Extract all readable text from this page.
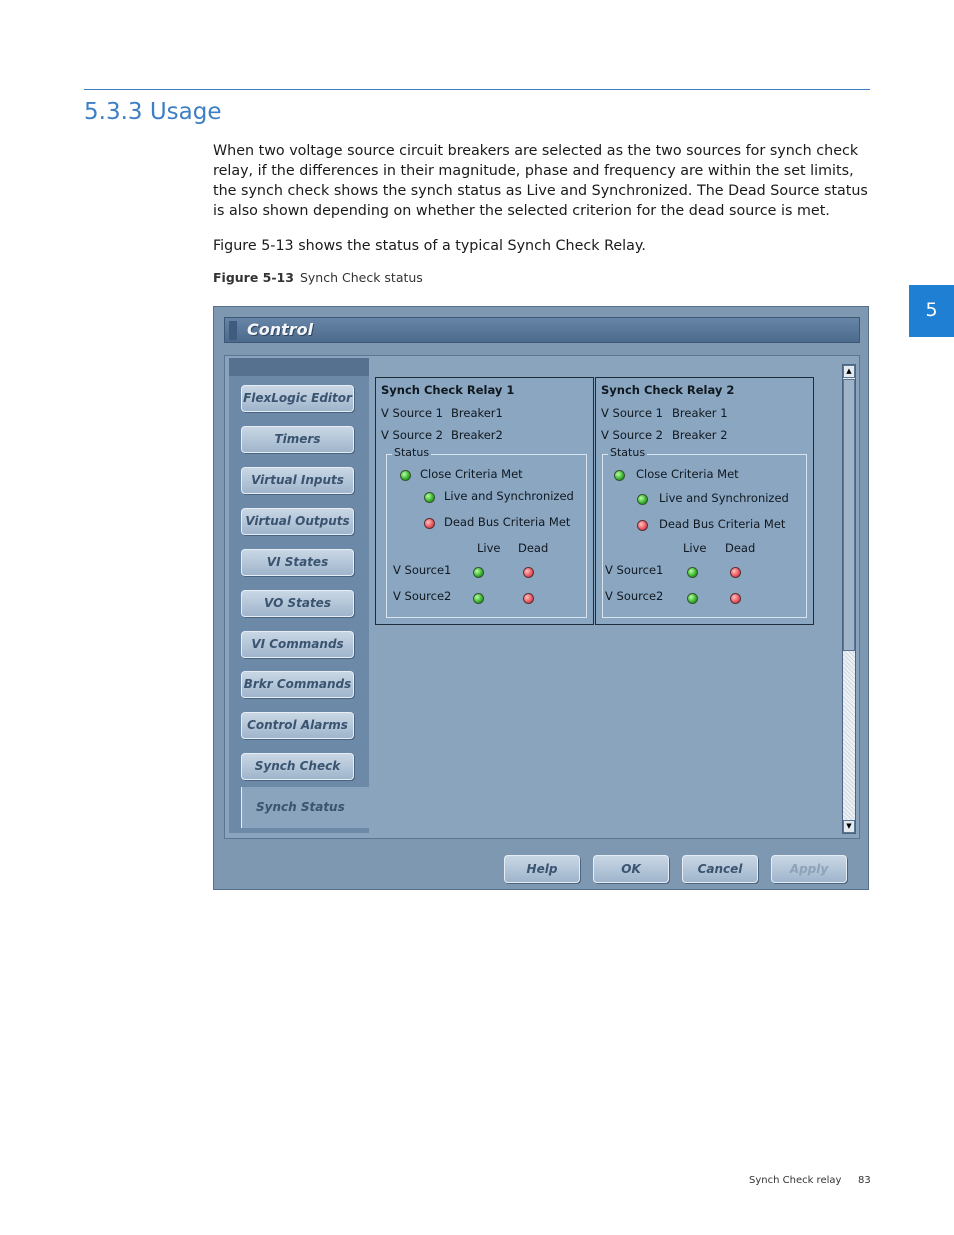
5.3.3 Usage

When two voltage source circuit breakers are selected as the two sources for synch check relay, if the differences in their magnitude, phase and frequency are within the set limits, the synch check shows the synch status as Live and Synchronized. The Dead Source status is also shown depending on whether the selected criterion for the dead source is met.

Figure 5-13 shows the status of a typical Synch Check Relay.

Figure 5-13 Synch Check status
5
Control
FlexLogic Editor
Timers
Virtual Inputs
Virtual Outputs
VI States
VO States
VI Commands
Brkr Commands
Control Alarms
Synch Check
Synch Status
Synch Check Relay 1
V Source 1 Breaker1
V Source 2 Breaker2
Status
Close Criteria Met
Live and Synchronized
Dead Bus Criteria Met
Live Dead
V Source1
V Source2
Synch Check Relay 2
V Source 1 Breaker 1
V Source 2 Breaker 2
Status
Close Criteria Met
Live and Synchronized
Dead Bus Criteria Met
Live Dead
V Source1
V Source2
▲
▼
Help	OK	Cancel	Apply
Synch Check relay 83
